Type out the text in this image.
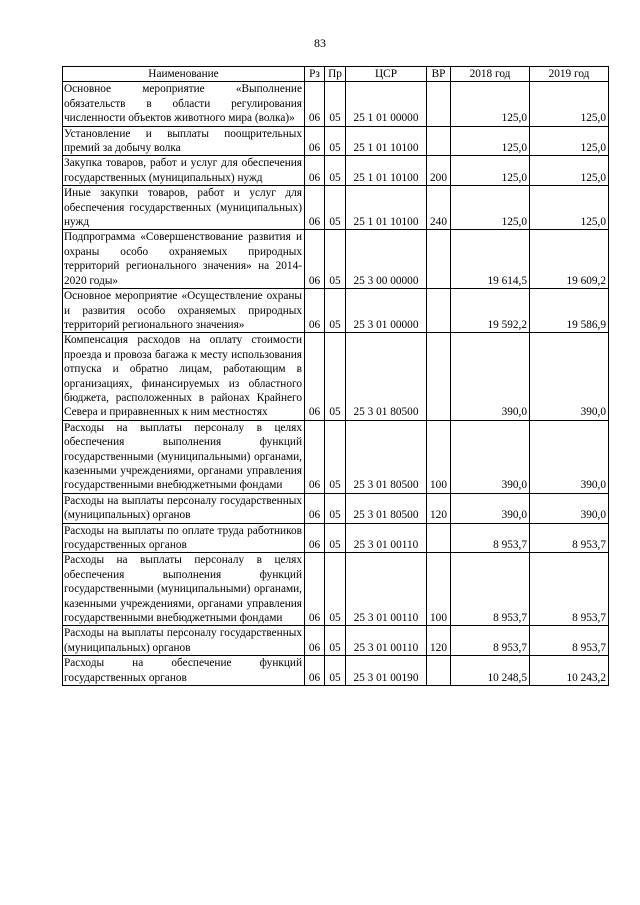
83
Наименование	Рз	Пр	ЦСР	ВР	2018 год	2019 год
Основное мероприятие «Выполнение обязательств в области регулирования численности объектов животного мира (волка)»	06	05	25 1 01 00000		125,0	125,0
Установление и выплаты поощрительных премий за добычу волка	06	05	25 1 01 10100		125,0	125,0
Закупка товаров, работ и услуг для обеспечения государственных (муниципальных) нужд	06	05	25 1 01 10100	200	125,0	125,0
Иные закупки товаров, работ и услуг для обеспечения государственных (муниципальных) нужд	06	05	25 1 01 10100	240	125,0	125,0
Подпрограмма «Совершенствование развития и охраны особо охраняемых природных территорий регионального значения» на 2014-2020 годы»	06	05	25 3 00 00000		19 614,5	19 609,2
Основное мероприятие «Осуществление охраны и развития особо охраняемых природных территорий регионального значения»	06	05	25 3 01 00000		19 592,2	19 586,9
Компенсация расходов на оплату стоимости проезда и провоза багажа к месту использования отпуска и обратно лицам, работающим в организациях, финансируемых из областного бюджета, расположенных в районах Крайнего Севера и приравненных к ним местностях	06	05	25 3 01 80500		390,0	390,0
Расходы на выплаты персоналу в целях обеспечения выполнения функций государственными (муниципальными) органами, казенными учреждениями, органами управления государственными внебюджетными фондами	06	05	25 3 01 80500	100	390,0	390,0
Расходы на выплаты персоналу государственных (муниципальных) органов	06	05	25 3 01 80500	120	390,0	390,0
Расходы на выплаты по оплате труда работников государственных органов	06	05	25 3 01 00110		8 953,7	8 953,7
Расходы на выплаты персоналу в целях обеспечения выполнения функций государственными (муниципальными) органами, казенными учреждениями, органами управления государственными внебюджетными фондами	06	05	25 3 01 00110	100	8 953,7	8 953,7
Расходы на выплаты персоналу государственных (муниципальных) органов	06	05	25 3 01 00110	120	8 953,7	8 953,7
Расходы на обеспечение функций государственных органов	06	05	25 3 01 00190		10 248,5	10 243,2
